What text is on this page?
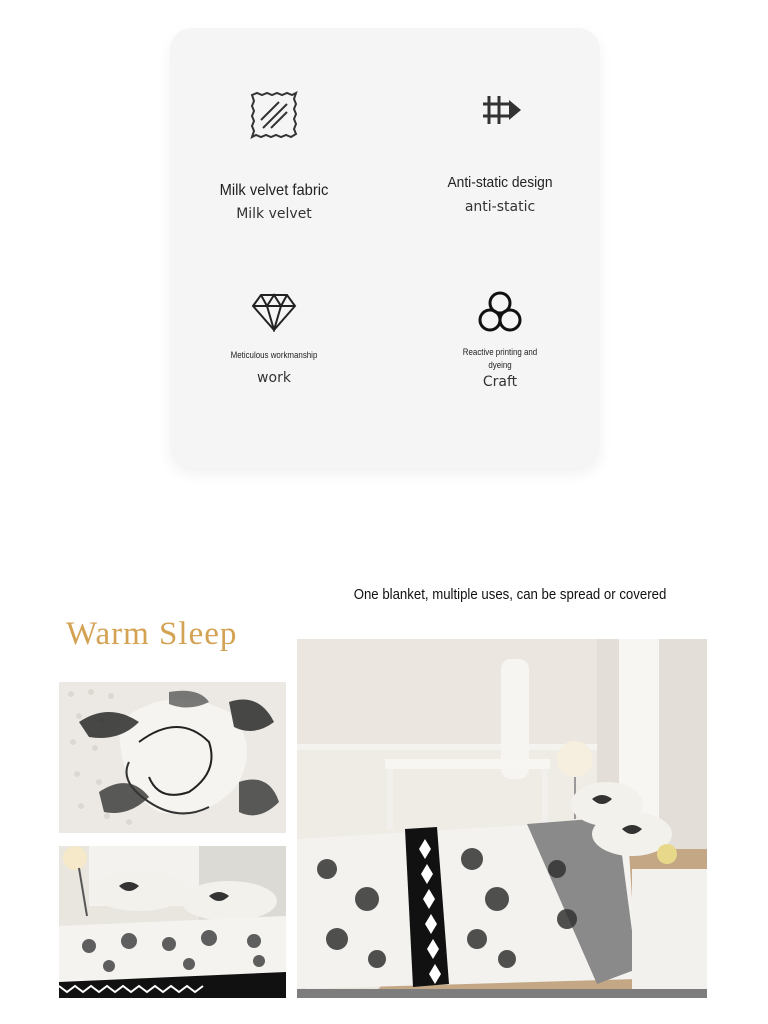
Milk velvet fabric
Milk velvet
Anti-static design
anti-static
Meticulous workmanship
work
Reactive printing and dyeing
Craft
One blanket, multiple uses, can be spread or covered
Warm Sleep
